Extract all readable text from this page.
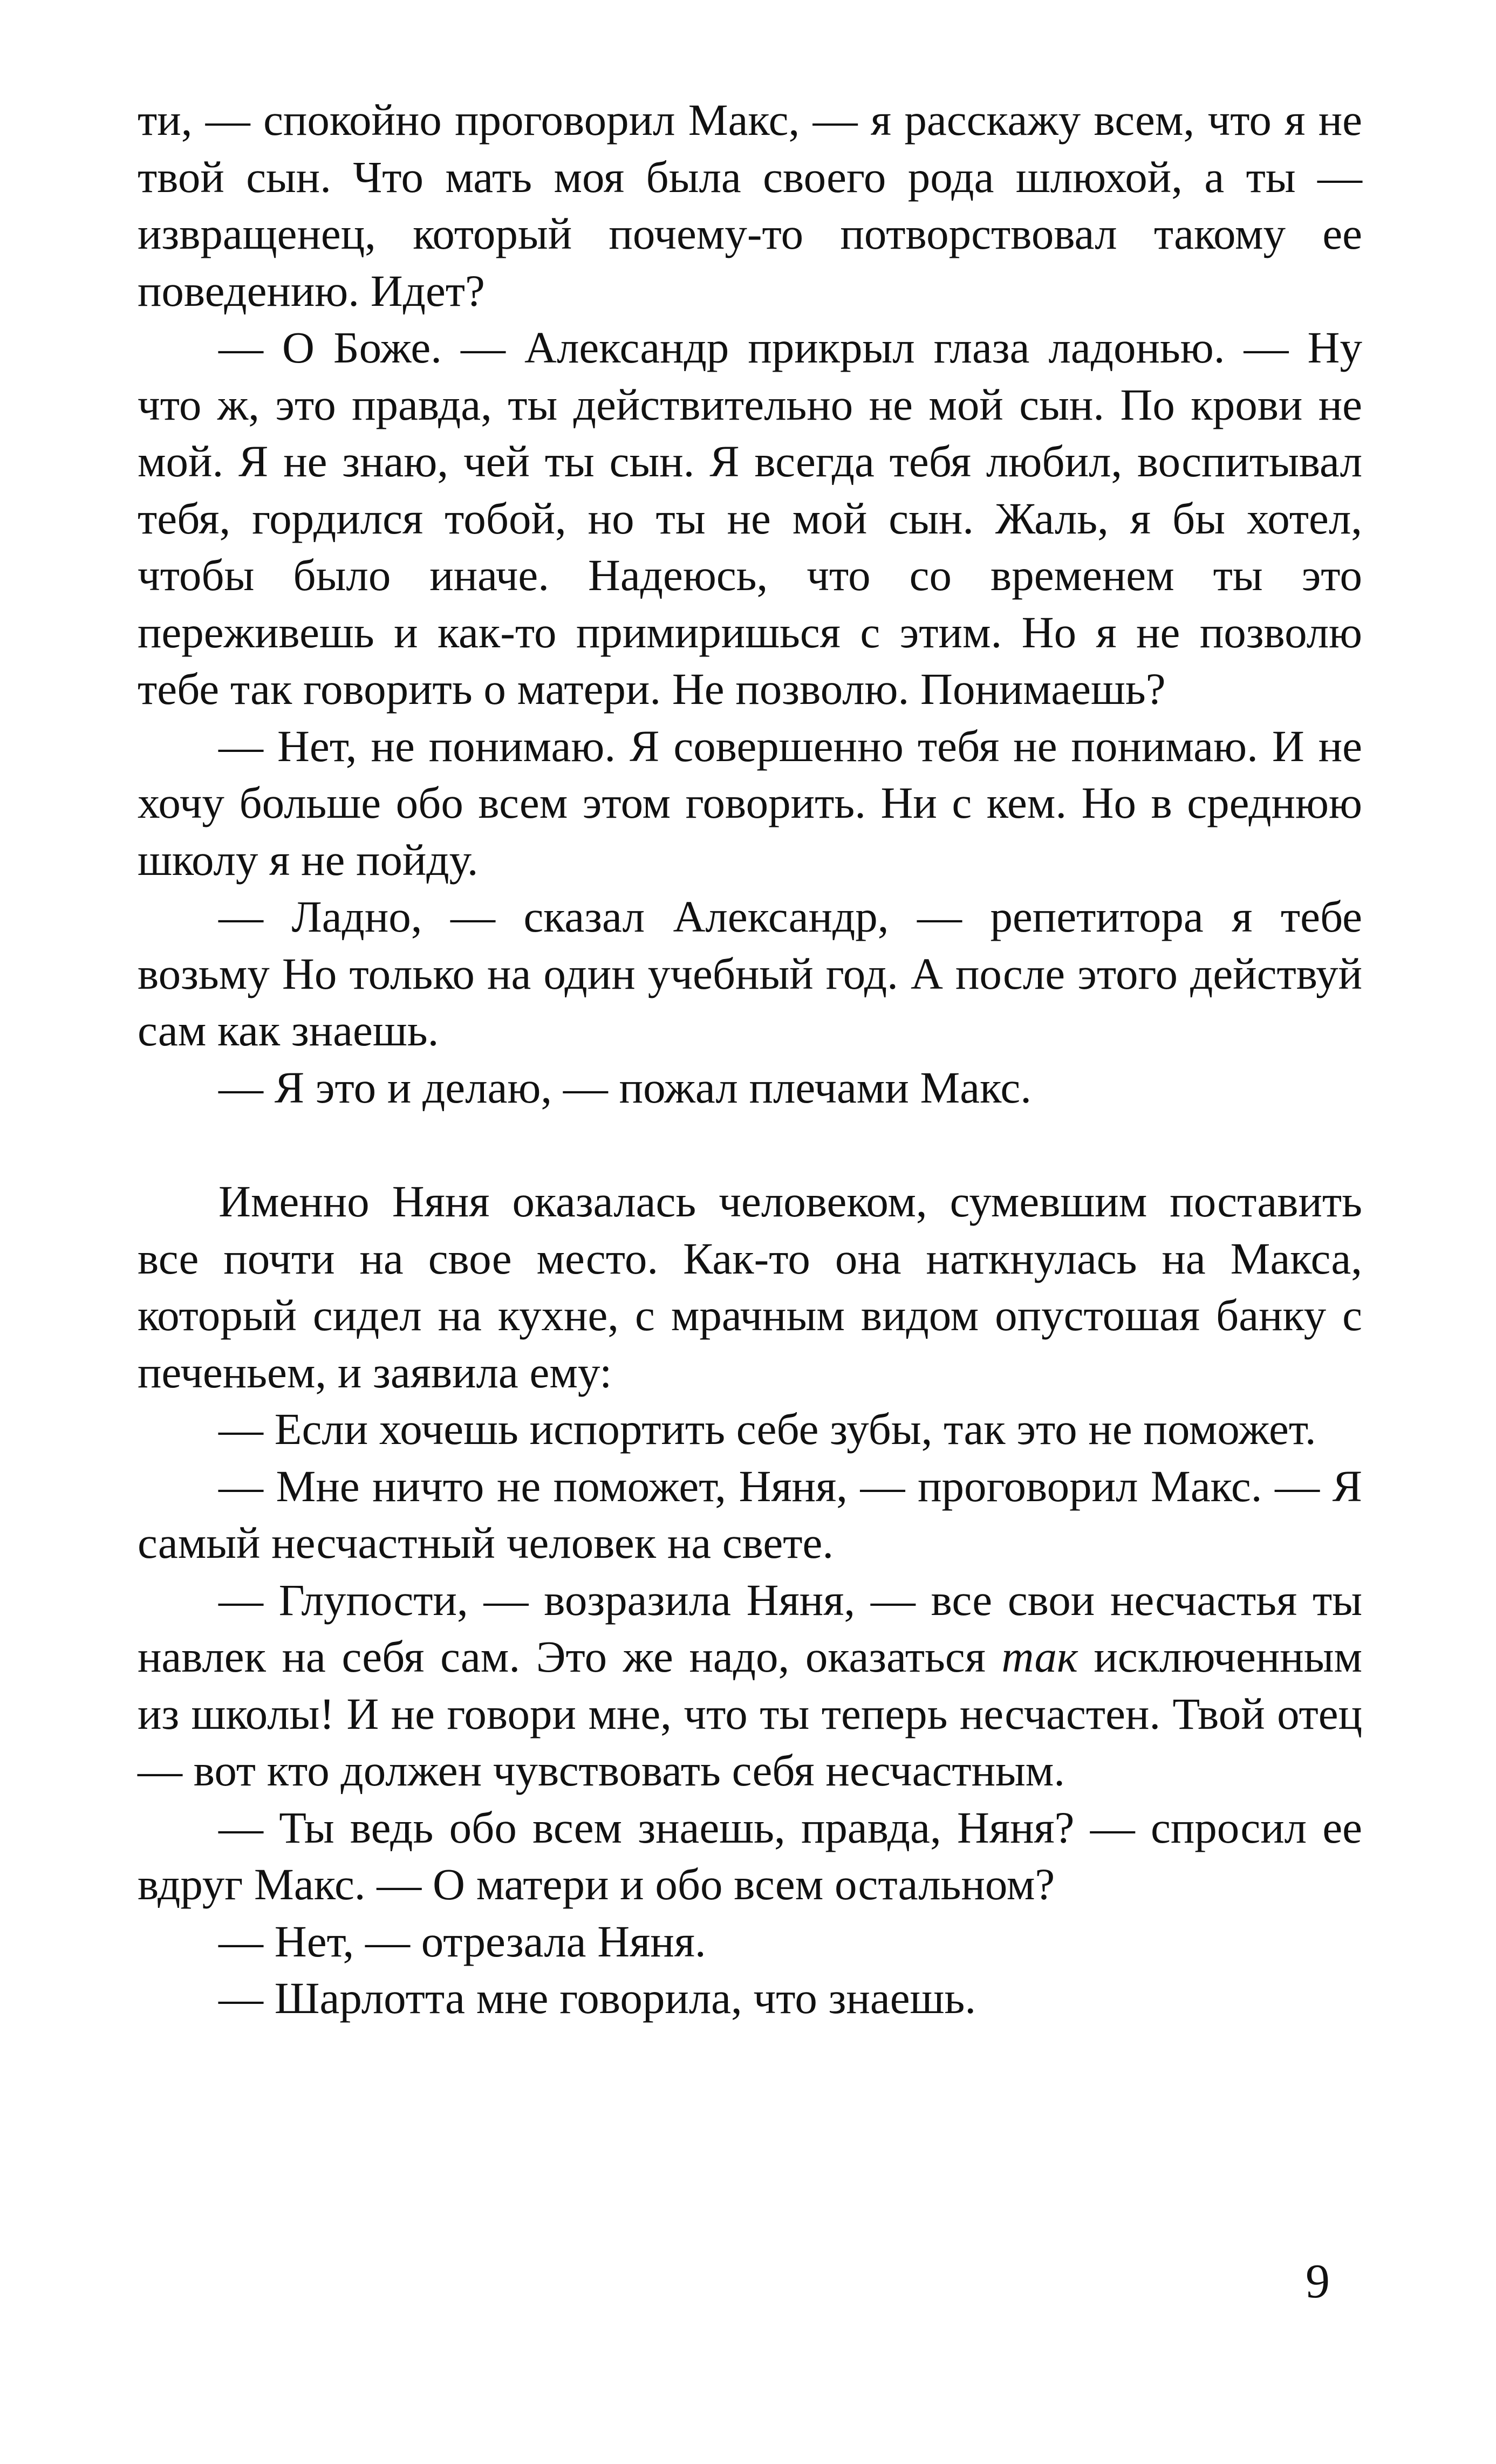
ти, — спокойно проговорил Макс, — я расскажу всем, что я не твой сын. Что мать моя была своего рода шлюхой, а ты — извращенец, который почему-то потворствовал такому ее поведению. Идет?

— О Боже. — Александр прикрыл глаза ладонью. — Ну что ж, это правда, ты действительно не мой сын. По крови не мой. Я не знаю, чей ты сын. Я всегда тебя любил, воспитывал тебя, гордился тобой, но ты не мой сын. Жаль, я бы хотел, чтобы было иначе. Надеюсь, что со временем ты это переживешь и как-то примиришься с этим. Но я не позволю тебе так говорить о матери. Не позволю. Понимаешь?

— Нет, не понимаю. Я совершенно тебя не понимаю. И не хочу больше обо всем этом говорить. Ни с кем. Но в среднюю школу я не пойду.

— Ладно, — сказал Александр, — репетитора я тебе возьму Но только на один учебный год. А после этого действуй сам как знаешь.

— Я это и делаю, — пожал плечами Макс.

Именно Няня оказалась человеком, сумевшим поставить все почти на свое место. Как-то она наткнулась на Макса, который сидел на кухне, с мрачным видом опустошая банку с печеньем, и заявила ему:

— Если хочешь испортить себе зубы, так это не поможет.

— Мне ничто не поможет, Няня, — проговорил Макс. — Я самый несчастный человек на свете.

— Глупости, — возразила Няня, — все свои несчастья ты навлек на себя сам. Это же надо, оказаться так исключенным из школы! И не говори мне, что ты теперь несчастен. Твой отец — вот кто должен чувствовать себя несчастным.

— Ты ведь обо всем знаешь, правда, Няня? — спросил ее вдруг Макс. — О матери и обо всем остальном?

— Нет, — отрезала Няня.

— Шарлотта мне говорила, что знаешь.

9
